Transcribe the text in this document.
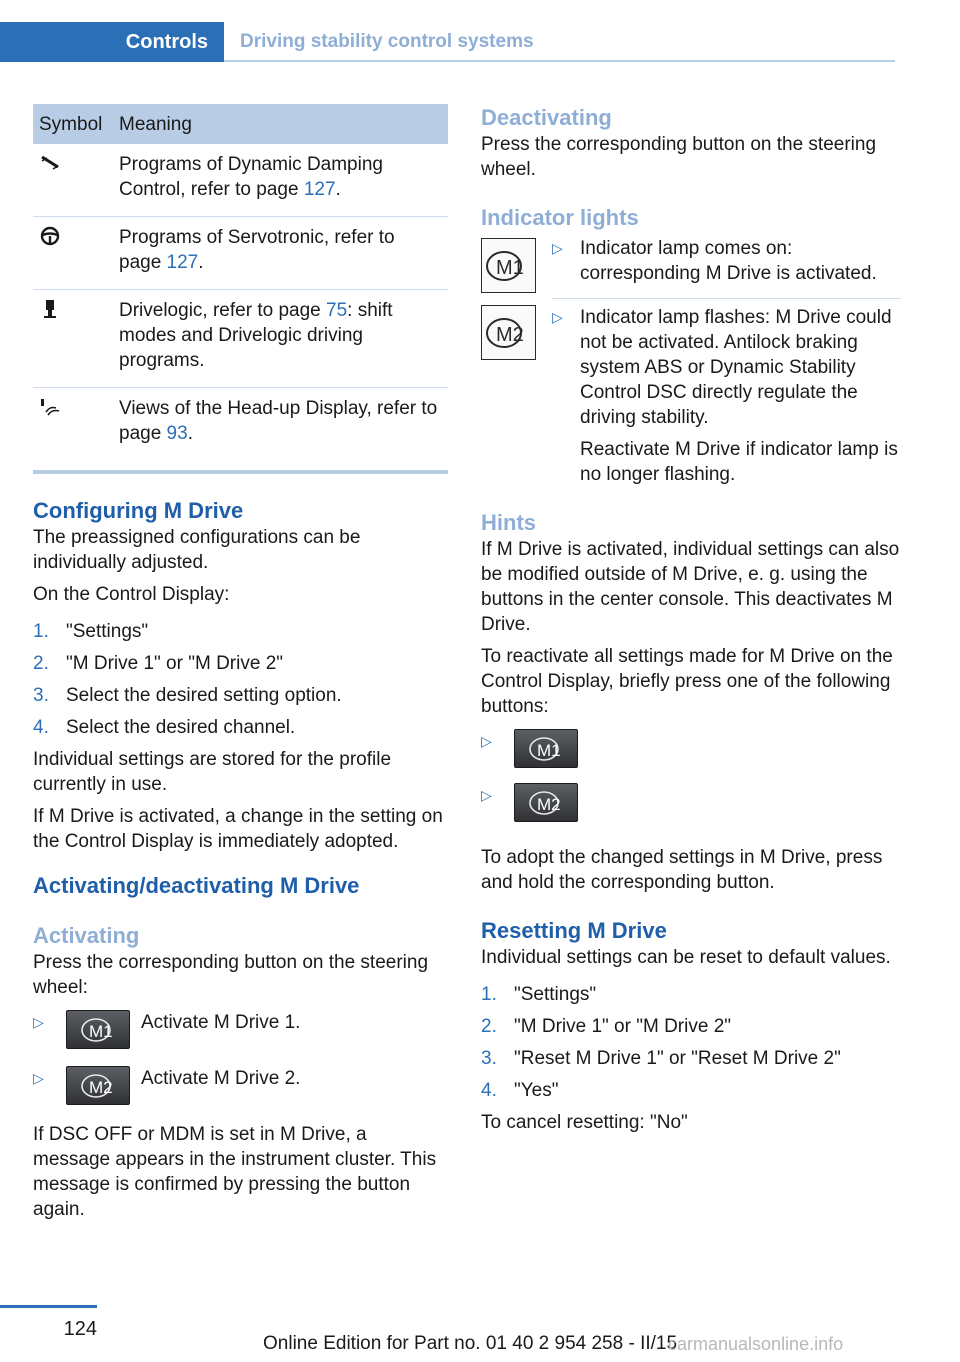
Controls	Driving stability control systems
Symbol	Meaning
	Programs of Dynamic Damping Control, refer to page 127.
	Programs of Servotronic, refer to page 127.
	Drivelogic, refer to page 75: shift modes and Drivelogic driving programs.
	Views of the Head-up Display, refer to page 93.
Configuring M Drive

The preassigned configurations can be individually adjusted.

On the Control Display:

1. "Settings"
2. "M Drive 1" or "M Drive 2"
3. Select the desired setting option.
4. Select the desired channel.

Individual settings are stored for the profile currently in use.

If M Drive is activated, a change in the setting on the Control Display is immediately adopted.

Activating/deactivating M Drive
Activating

Press the corresponding button on the steering wheel:

▷	M1 Activate M Drive 1.
▷	M2 Activate M Drive 2.

If DSC OFF or MDM is set in M Drive, a message appears in the instrument cluster. This message is confirmed by pressing the button again.

Deactivating

Press the corresponding button on the steering wheel.

Indicator lights
M1
▷ Indicator lamp comes on: corresponding M Drive is activated.
M2
▷ Indicator lamp flashes: M Drive could not be activated. Antilock braking system ABS or Dynamic Stability Control DSC directly regulate the driving stability.

Reactivate M Drive if indicator lamp is no longer flashing.

Hints

If M Drive is activated, individual settings can also be modified outside of M Drive, e. g. using the buttons in the center console. This deactivates M Drive.

To reactivate all settings made for M Drive on the Control Display, briefly press one of the following buttons:

▷	M1
▷	M2

To adopt the changed settings in M Drive, press and hold the corresponding button.

Resetting M Drive

Individual settings can be reset to default values.

1. "Settings"
2. "M Drive 1" or "M Drive 2"
3. "Reset M Drive 1" or "Reset M Drive 2"
4. "Yes"

To cancel resetting: "No"

124
Online Edition for Part no. 01 40 2 954 258 - II/15
carmanualsonline.info
